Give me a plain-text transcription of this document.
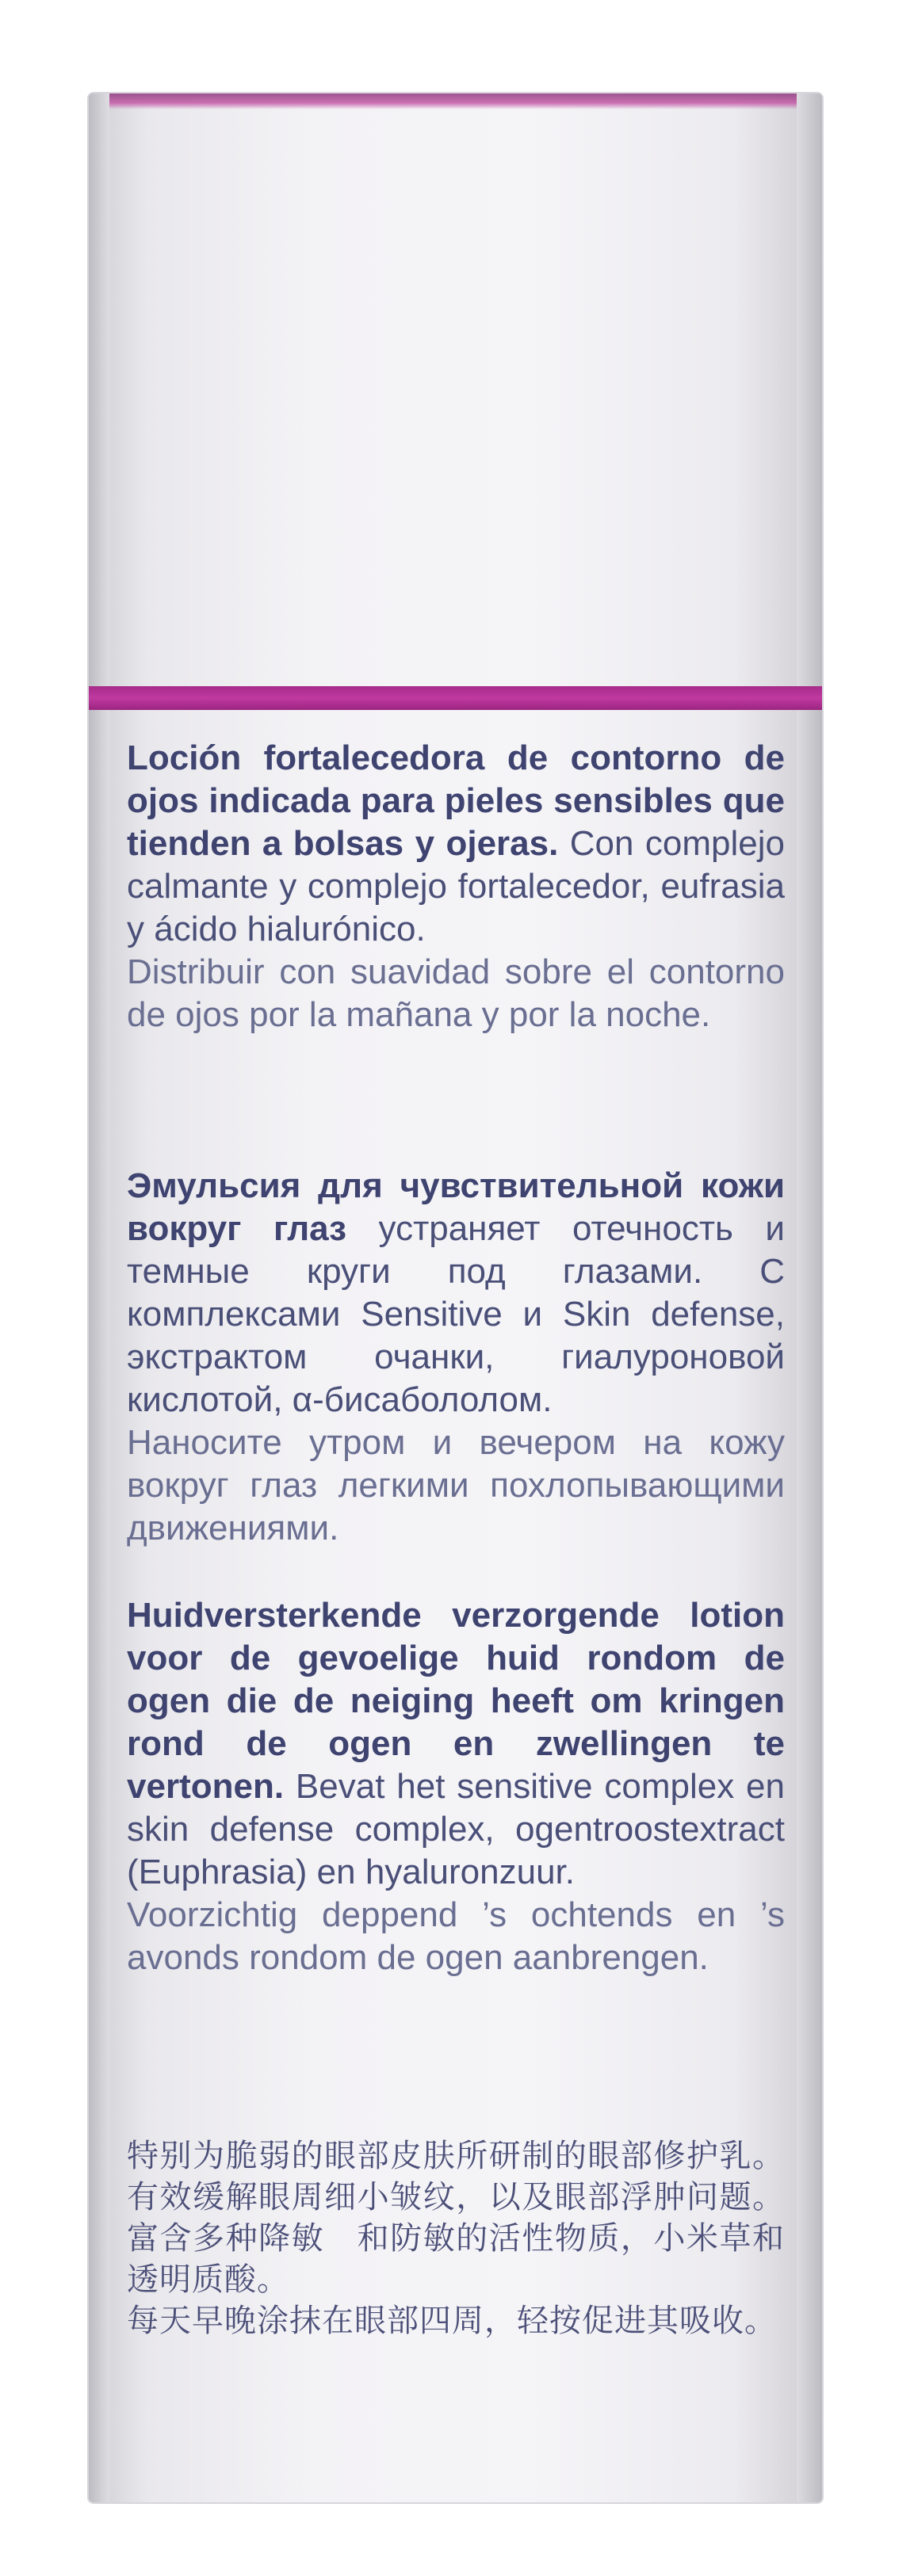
Loción fortalecedora de contorno de ojos indicada para pieles sensibles que tienden a bolsas y ojeras. Con complejo calmante y complejo fortalecedor, eufrasia y ácido hialurónico.
Distribuir con suavidad sobre el contorno de ojos por la mañana y por la noche.
Эмульсия для чувствительной кожи вокруг глаз устраняет отечность и темные круги под глазами. С комплексами Sensitive и Skin defense, экстрактом очанки, гиалуроновой кислотой, α-бисабололом.
Наносите утром и вечером на кожу вокруг глаз легкими похлопывающими движениями.
Huidversterkende verzorgende lotion voor de gevoelige huid rondom de ogen die de neiging heeft om kringen rond de ogen en zwellingen te vertonen. Bevat het sensitive complex en skin defense complex, ogentroostextract (Euphrasia) en hyaluronzuur.
Voorzichtig deppend ’s ochtends en ’s avonds rondom de ogen aanbrengen.
特别为脆弱的眼部皮肤所研制的眼部修护乳。有效缓解眼周细小皱纹，以及眼部浮肿问题。富含多种降敏　和防敏的活性物质，小米草和透明质酸。
每天早晚涂抹在眼部四周，轻按促进其吸收。
